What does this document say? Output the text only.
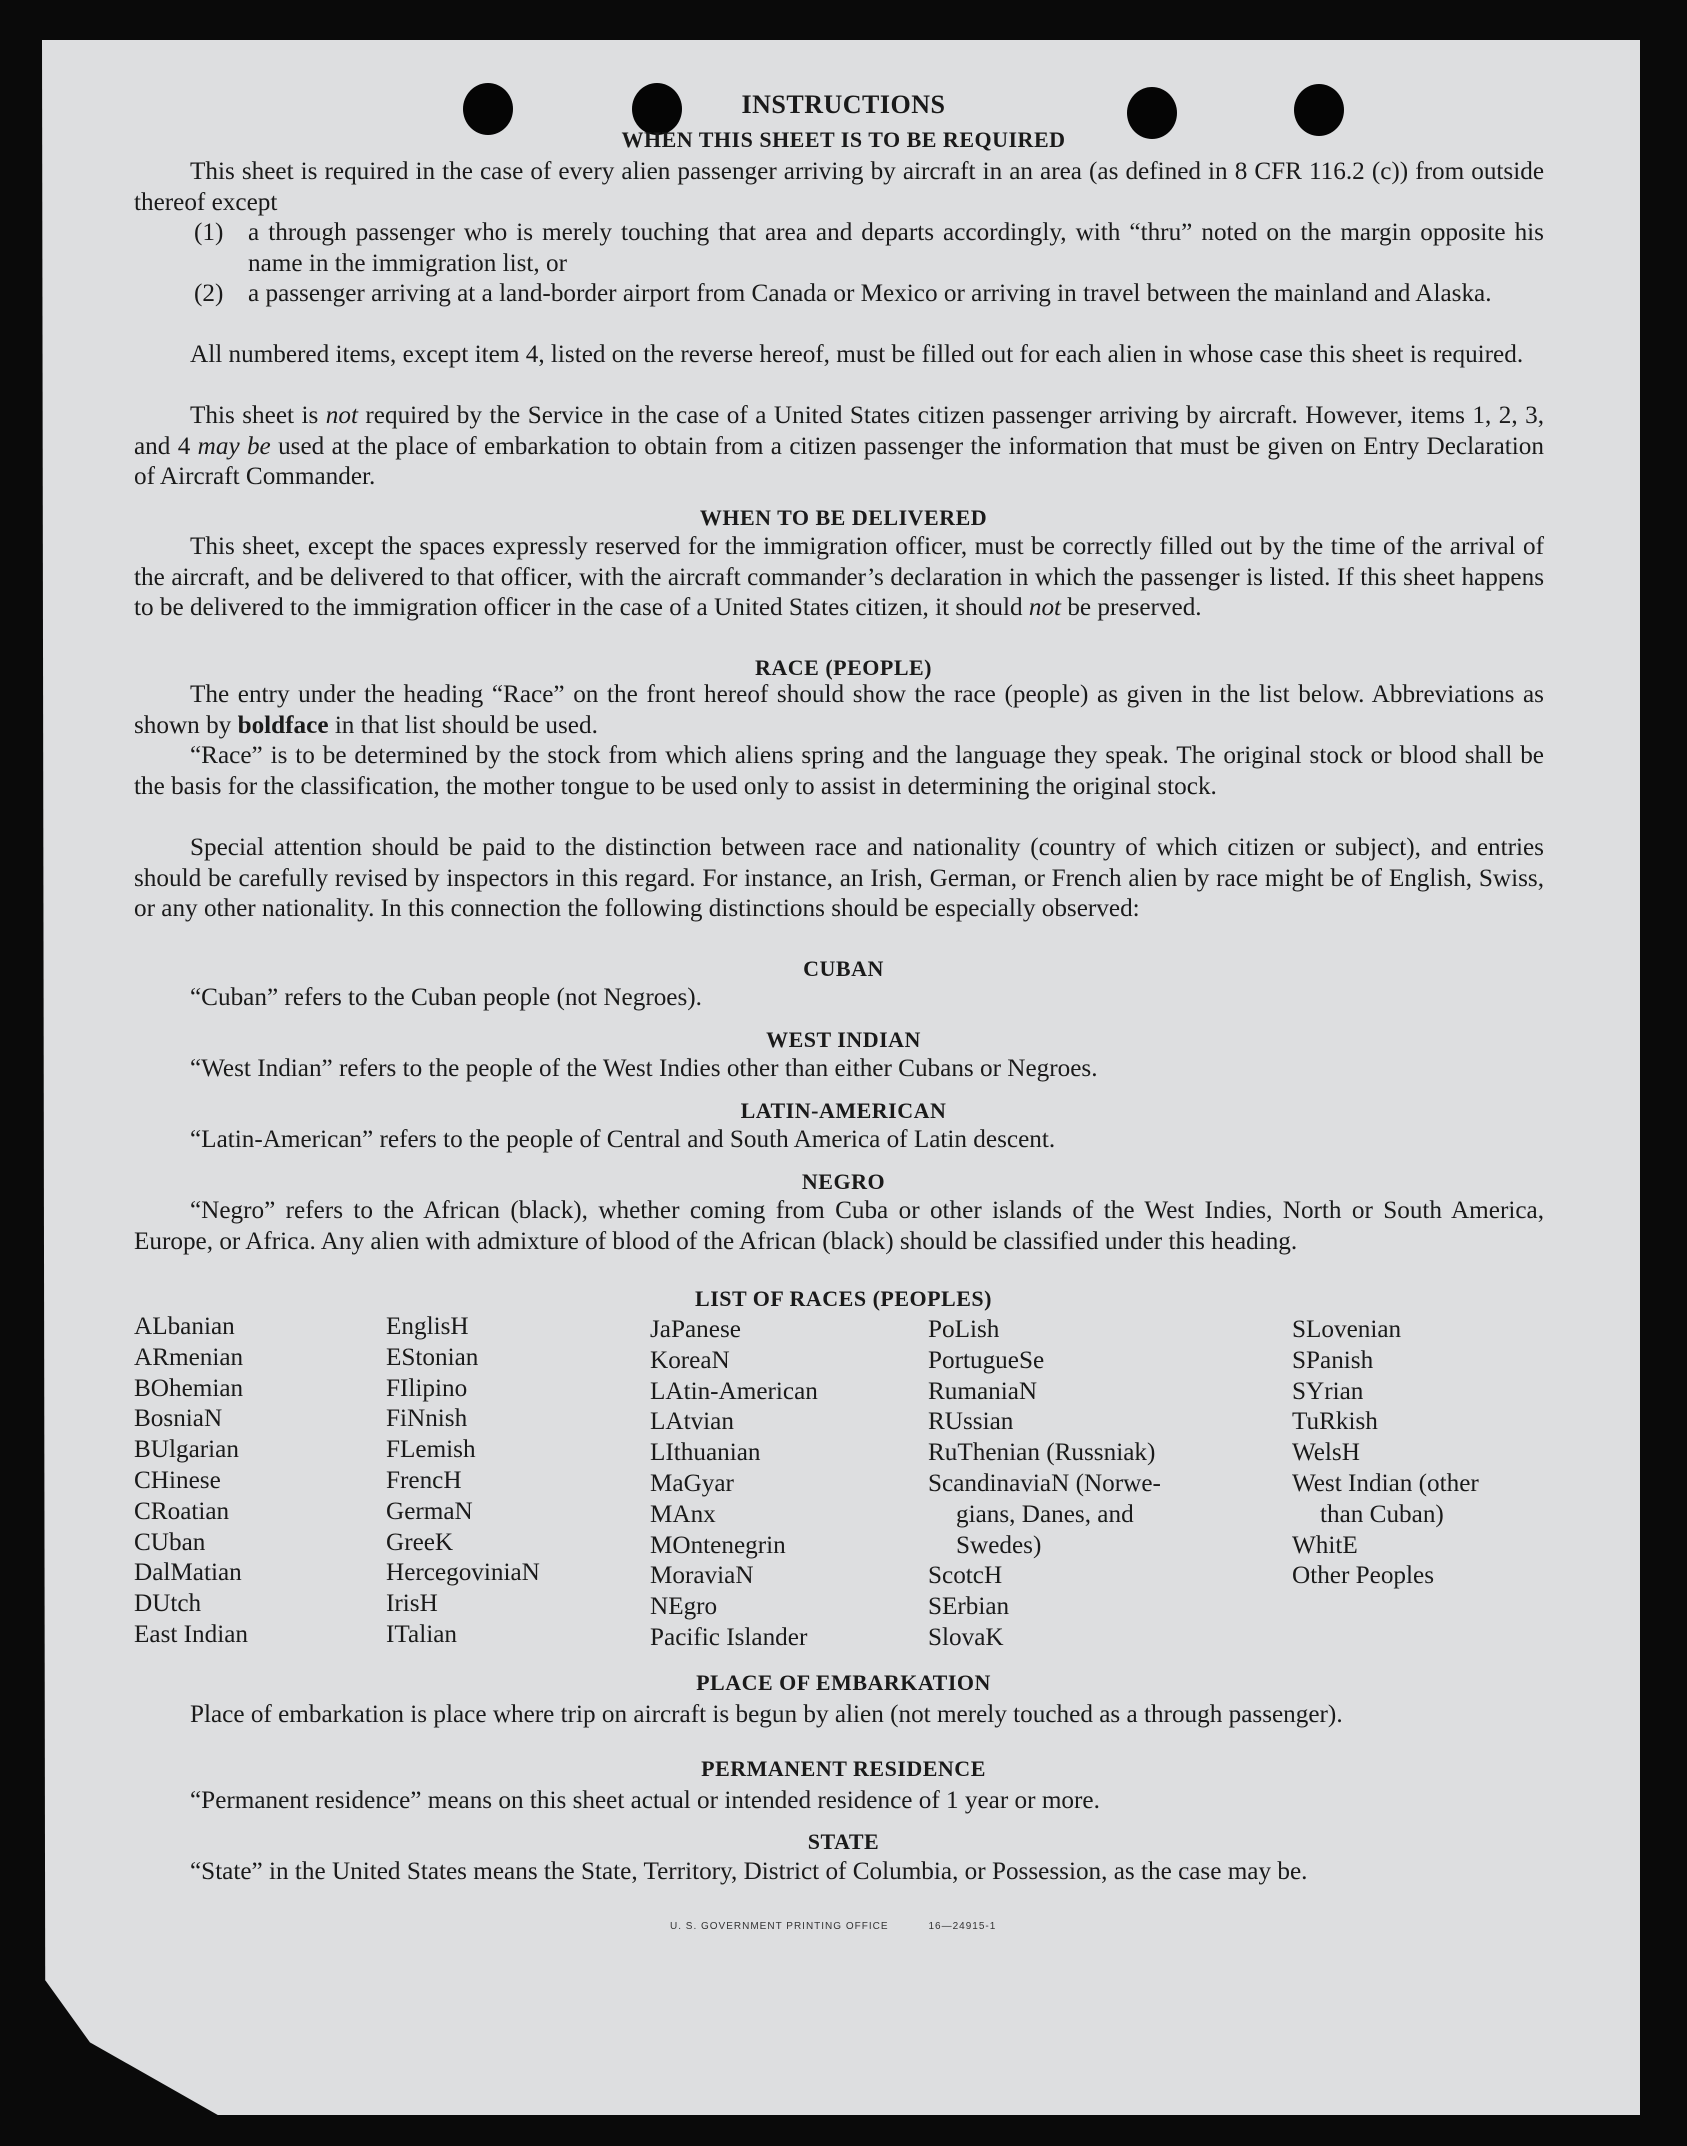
INSTRUCTIONS
WHEN THIS SHEET IS TO BE REQUIRED
This sheet is required in the case of every alien passenger arriving by aircraft in an area (as defined in 8 CFR 116.2 (c)) from outside thereof except
(1) a through passenger who is merely touching that area and departs accordingly, with “thru” noted on the margin opposite his name in the immigration list, or
(2) a passenger arriving at a land-border airport from Canada or Mexico or arriving in travel between the mainland and Alaska.
All numbered items, except item 4, listed on the reverse hereof, must be filled out for each alien in whose case this sheet is required.
This sheet is not required by the Service in the case of a United States citizen passenger arriving by aircraft. However, items 1, 2, 3, and 4 may be used at the place of embarkation to obtain from a citizen passenger the information that must be given on Entry Declaration of Aircraft Commander.
WHEN TO BE DELIVERED
This sheet, except the spaces expressly reserved for the immigration officer, must be correctly filled out by the time of the arrival of the aircraft, and be delivered to that officer, with the aircraft commander’s declaration in which the passenger is listed. If this sheet happens to be delivered to the immigration officer in the case of a United States citizen, it should not be preserved.
RACE (PEOPLE)
The entry under the heading “Race” on the front hereof should show the race (people) as given in the list below. Abbreviations as shown by boldface in that list should be used.
“Race” is to be determined by the stock from which aliens spring and the language they speak. The original stock or blood shall be the basis for the classification, the mother tongue to be used only to assist in determining the original stock.
Special attention should be paid to the distinction between race and nationality (country of which citizen or subject), and entries should be carefully revised by inspectors in this regard. For instance, an Irish, German, or French alien by race might be of English, Swiss, or any other nationality. In this connection the following distinctions should be especially observed:
CUBAN
“Cuban” refers to the Cuban people (not Negroes).
WEST INDIAN
“West Indian” refers to the people of the West Indies other than either Cubans or Negroes.
LATIN-AMERICAN
“Latin-American” refers to the people of Central and South America of Latin descent.
NEGRO
“Negro” refers to the African (black), whether coming from Cuba or other islands of the West Indies, North or South America, Europe, or Africa. Any alien with admixture of blood of the African (black) should be classified under this heading.
LIST OF RACES (PEOPLES)
ALbanian
ARmenian
BOhemian
BosniaN
BUlgarian
CHinese
CRoatian
CUban
DalMatian
DUtch
East Indian
EnglisH
EStonian
FIlipino
FiNnish
FLemish
FrencH
GermaN
GreeK
HercegoviniaN
IrisH
ITalian
JaPanese
KoreaN
LAtin-American
LAtvian
LIthuanian
MaGyar
MAnx
MOntenegrin
MoraviaN
NEgro
Pacific Islander
PoLish
PortugueSe
RumaniaN
RUssian
RuThenian (Russniak)
ScandinaviaN (Norwe-
gians, Danes, and
Swedes)
ScotcH
SErbian
SlovaK
SLovenian
SPanish
SYrian
TuRkish
WelsH
West Indian (other
than Cuban)
WhitE
Other Peoples
PLACE OF EMBARKATION
Place of embarkation is place where trip on aircraft is begun by alien (not merely touched as a through passenger).
PERMANENT RESIDENCE
“Permanent residence” means on this sheet actual or intended residence of 1 year or more.
STATE
“State” in the United States means the State, Territory, District of Columbia, or Possession, as the case may be.
U. S. GOVERNMENT PRINTING OFFICE	16—24915-1
